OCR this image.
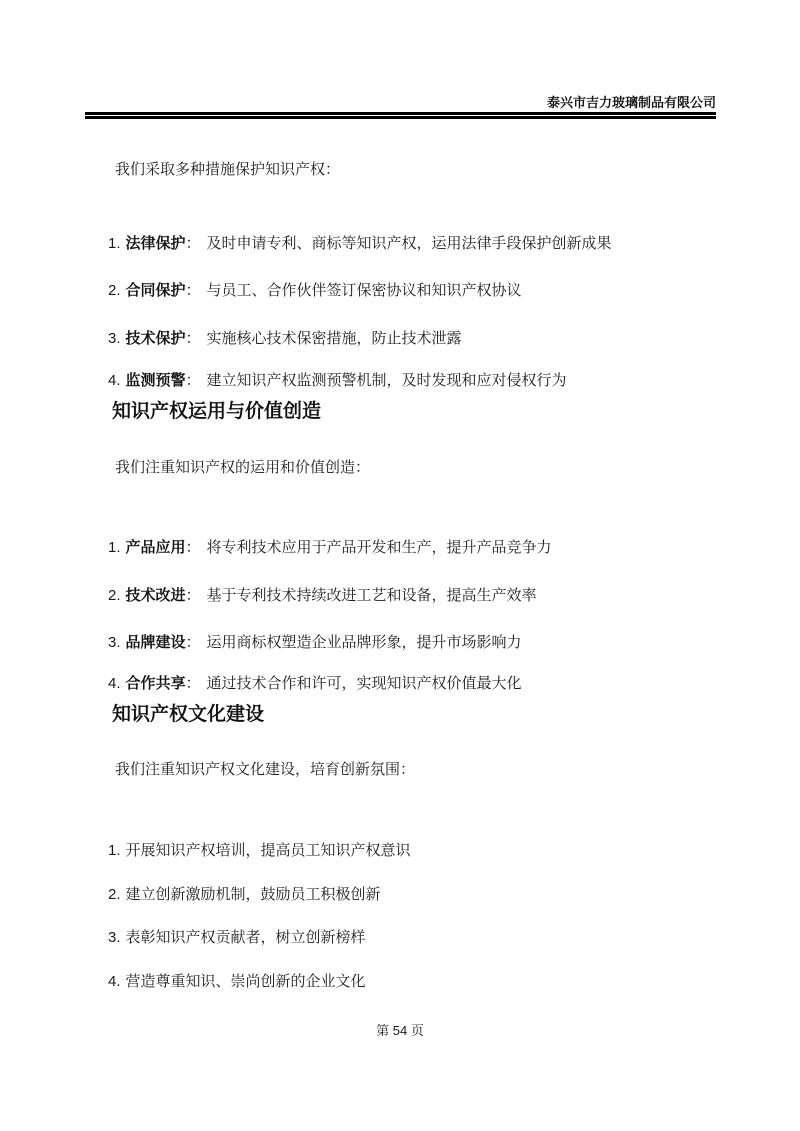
泰兴市吉力玻璃制品有限公司

我们采取多种措施保护知识产权：

1. 法律保护： 及时申请专利、商标等知识产权，运用法律手段保护创新成果

2. 合同保护： 与员工、合作伙伴签订保密协议和知识产权协议

3. 技术保护： 实施核心技术保密措施，防止技术泄露

4. 监测预警： 建立知识产权监测预警机制，及时发现和应对侵权行为

知识产权运用与价值创造

我们注重知识产权的运用和价值创造：

1. 产品应用： 将专利技术应用于产品开发和生产，提升产品竞争力

2. 技术改进： 基于专利技术持续改进工艺和设备，提高生产效率

3. 品牌建设： 运用商标权塑造企业品牌形象，提升市场影响力

4. 合作共享： 通过技术合作和许可，实现知识产权价值最大化

知识产权文化建设

我们注重知识产权文化建设，培育创新氛围：

1. 开展知识产权培训，提高员工知识产权意识

2. 建立创新激励机制，鼓励员工积极创新

3. 表彰知识产权贡献者，树立创新榜样

4. 营造尊重知识、崇尚创新的企业文化

第 54 页
